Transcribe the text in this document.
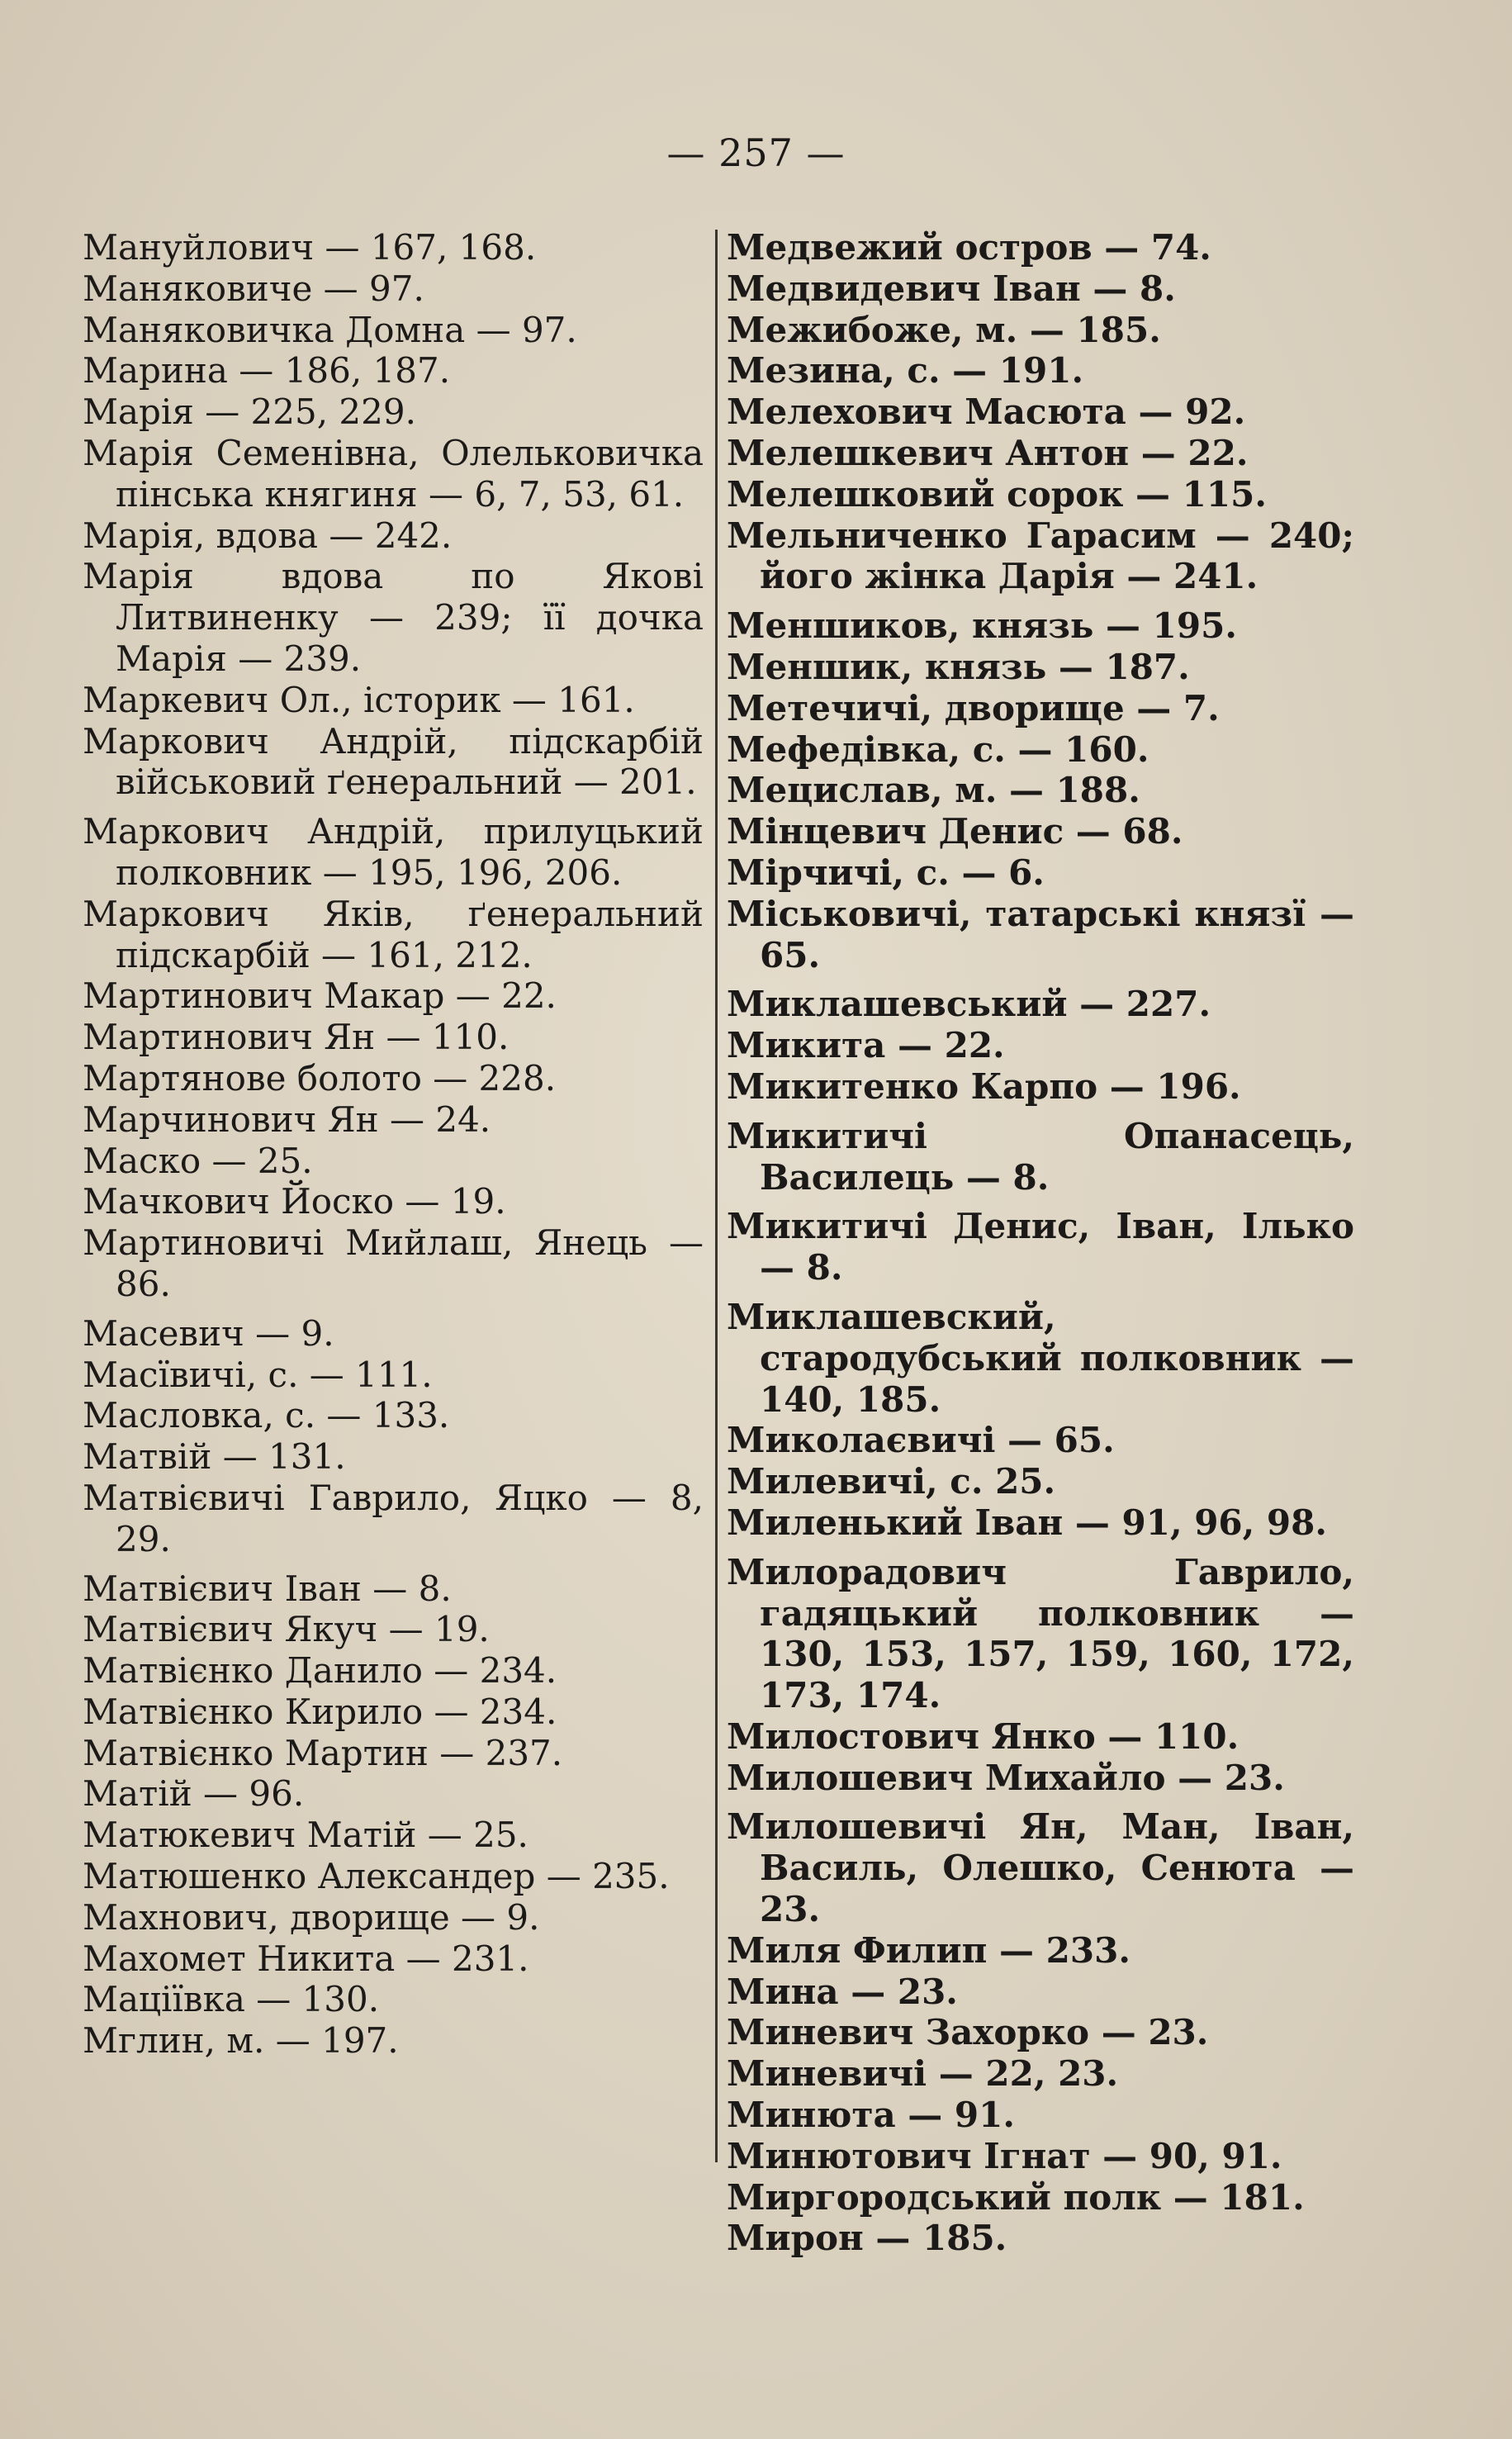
— 257 —

Мануйлович — 167, 168.

Маняковиче — 97.

Маняковичка Домна — 97.

Марина — 186, 187.

Марія — 225, 229.

Марія Семенівна, Олельковичка пінська княгиня — 6, 7, 53, 61.

Марія, вдова — 242.

Марія вдова по Якові Литвиненку — 239; її дочка Марія — 239.

Маркевич Ол., історик — 161.

Маркович Андрій, підскарбій військовий ґенеральний — 201.

Маркович Андрій, прилуцький полковник — 195, 196, 206.

Маркович Яків, ґенеральний підскарбій — 161, 212.

Мартинович Макар — 22.

Мартинович Ян — 110.

Мартянове болото — 228.

Марчинович Ян — 24.

Маско — 25.

Мачкович Йоско — 19.

Мартиновичі Мийлаш, Янець — 86.

Масевич — 9.

Масївичі, с. — 111.

Масловка, с. — 133.

Матвій — 131.

Матвієвичі Гаврило, Яцко — 8, 29.

Матвієвич Іван — 8.

Матвієвич Якуч — 19.

Матвієнко Данило — 234.

Матвієнко Кирило — 234.

Матвієнко Мартин — 237.

Матій — 96.

Матюкевич Матій — 25.

Матюшенко Александер — 235.

Махнович, дворище — 9.

Махомет Никита — 231.

Маціївка — 130.

Мглин, м. — 197.

Медвежий остров — 74.

Медвидевич Іван — 8.

Межибоже, м. — 185.

Мезина, с. — 191.

Мелехович Масюта — 92.

Мелешкевич Антон — 22.

Мелешковий сорок — 115.

Мельниченко Гарасим — 240; його жінка Дарія — 241.

Меншиков, князь — 195.

Меншик, князь — 187.

Метечичі, дворище — 7.

Мефедівка, с. — 160.

Мецислав, м. — 188.

Мінцевич Денис — 68.

Мірчичі, с. — 6.

Міськовичі, татарські князї — 65.

Миклашевський — 227.

Микита — 22.

Микитенко Карпо — 196.

Микитичі Опанасець, Василець — 8.

Микитичі Денис, Іван, Ілько — 8.

Миклашевский, стародубський полковник — 140, 185.

Миколаєвичі — 65.

Милевичі, с. 25.

Миленький Іван — 91, 96, 98.

Милорадович Гаврило, гадяцький полковник — 130, 153, 157, 159, 160, 172, 173, 174.

Милостович Янко — 110.

Милошевич Михайло — 23.

Милошевичі Ян, Ман, Іван, Василь, Олешко, Сенюта — 23.

Миля Филип — 233.

Мина — 23.

Миневич Захорко — 23.

Миневичі — 22, 23.

Минюта — 91.

Минютович Ігнат — 90, 91.

Миргородський полк — 181.

Мирон — 185.
